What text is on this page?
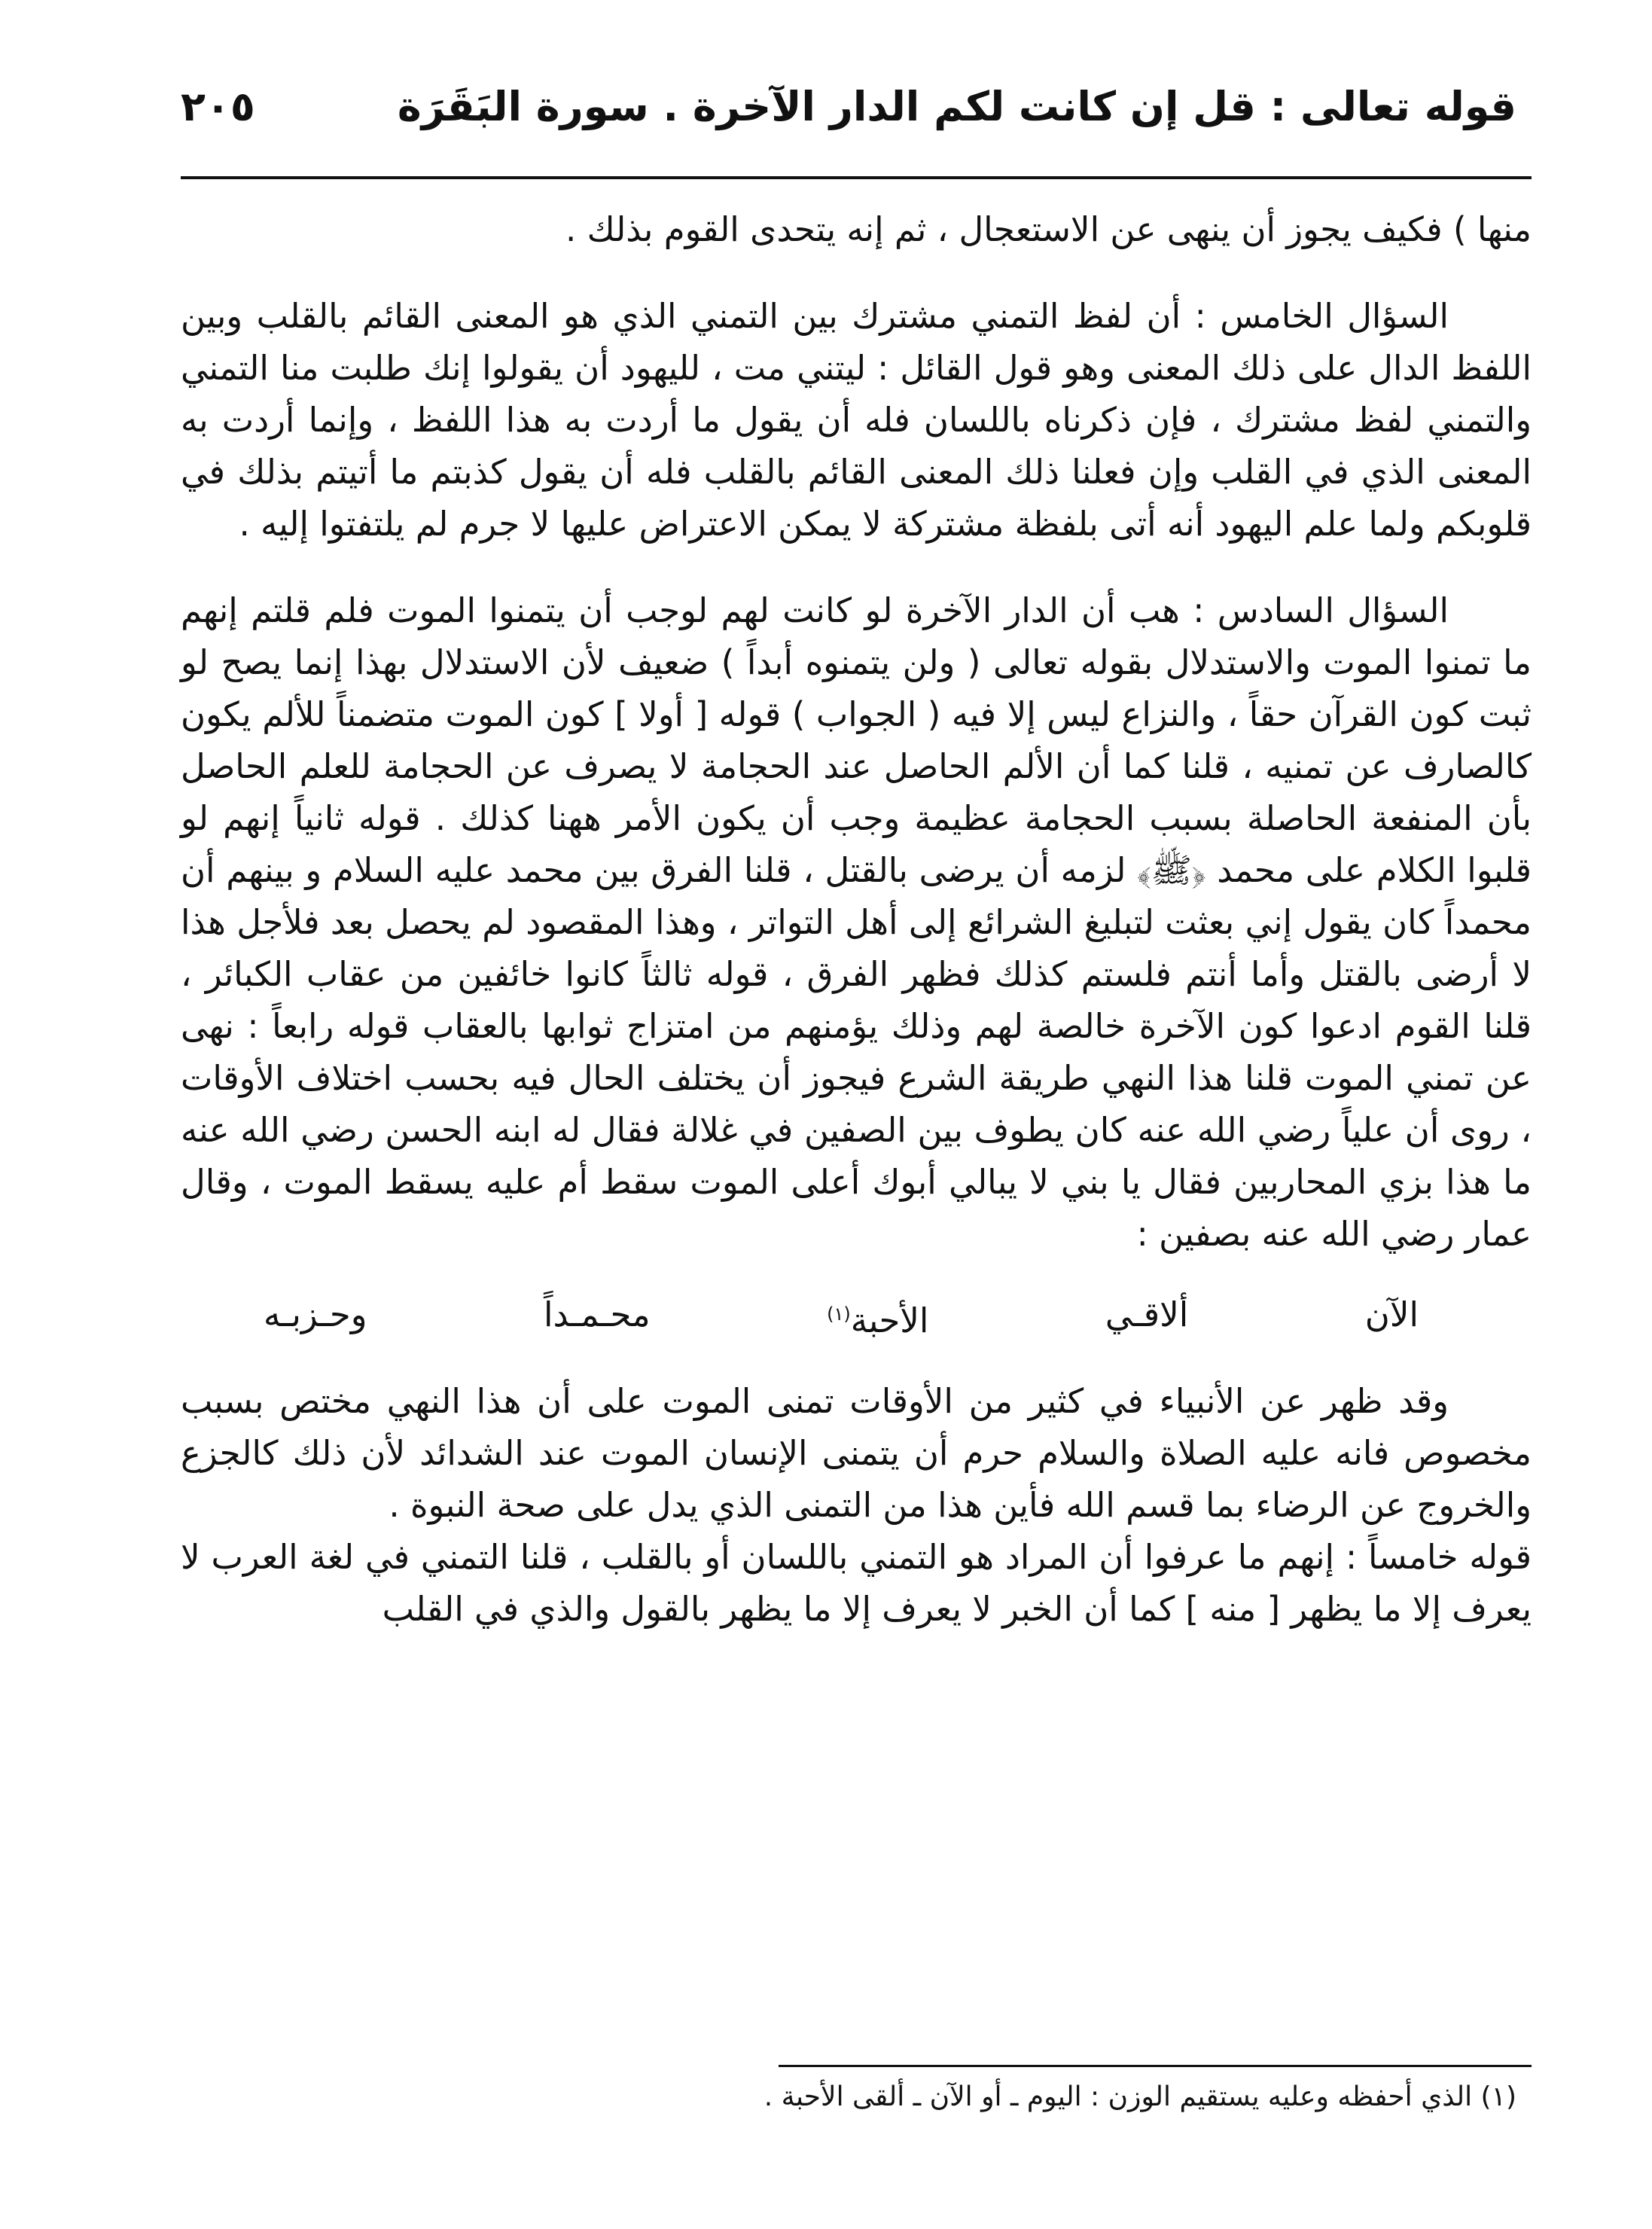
قوله تعالى : قل إن كانت لكم الدار الآخرة . سورة البَقَرَة
٢٠٥

منها ) فكيف يجوز أن ينهى عن الاستعجال ، ثم إنه يتحدى القوم بذلك .

السؤال الخامس : أن لفظ التمني مشترك بين التمني الذي هو المعنى القائم بالقلب وبين اللفظ الدال على ذلك المعنى وهو قول القائل : ليتني مت ، لليهود أن يقولوا إنك طلبت منا التمني والتمني لفظ مشترك ، فإن ذكرناه باللسان فله أن يقول ما أردت به هذا اللفظ ، وإنما أردت به المعنى الذي في القلب وإن فعلنا ذلك المعنى القائم بالقلب فله أن يقول كذبتم ما أتيتم بذلك في قلوبكم ولما علم اليهود أنه أتى بلفظة مشتركة لا يمكن الاعتراض عليها لا جرم لم يلتفتوا إليه .

السؤال السادس : هب أن الدار الآخرة لو كانت لهم لوجب أن يتمنوا الموت فلم قلتم إنهم ما تمنوا الموت والاستدلال بقوله تعالى ( ولن يتمنوه أبداً ) ضعيف لأن الاستدلال بهذا إنما يصح لو ثبت كون القرآن حقاً ، والنزاع ليس إلا فيه ( الجواب ) قوله [ أولا ] كون الموت متضمناً للألم يكون كالصارف عن تمنيه ، قلنا كما أن الألم الحاصل عند الحجامة لا يصرف عن الحجامة للعلم الحاصل بأن المنفعة الحاصلة بسبب الحجامة عظيمة وجب أن يكون الأمر ههنا كذلك . قوله ثانياً إنهم لو قلبوا الكلام على محمد ﴿ﷺ﴾ لزمه أن يرضى بالقتل ، قلنا الفرق بين محمد عليه السلام و بينهم أن محمداً كان يقول إني بعثت لتبليغ الشرائع إلى أهل التواتر ، وهذا المقصود لم يحصل بعد فلأجل هذا لا أرضى بالقتل وأما أنتم فلستم كذلك فظهر الفرق ، قوله ثالثاً كانوا خائفين من عقاب الكبائر ، قلنا القوم ادعوا كون الآخرة خالصة لهم وذلك يؤمنهم من امتزاج ثوابها بالعقاب قوله رابعاً : نهى عن تمني الموت قلنا هذا النهي طريقة الشرع فيجوز أن يختلف الحال فيه بحسب اختلاف الأوقات ، روى أن علياً رضي الله عنه كان يطوف بين الصفين في غلالة فقال له ابنه الحسن رضي الله عنه ما هذا بزي المحاربين فقال يا بني لا يبالي أبوك أعلى الموت سقط أم عليه يسقط الموت ، وقال عمار رضي الله عنه بصفين :

الآن
ألاقـي
الأحبة(١)
محـمـداً
وحـزبـه

وقد ظهر عن الأنبياء في كثير من الأوقات تمنى الموت على أن هذا النهي مختص بسبب مخصوص فانه عليه الصلاة والسلام حرم أن يتمنى الإنسان الموت عند الشدائد لأن ذلك كالجزع والخروج عن الرضاء بما قسم الله فأين هذا من التمنى الذي يدل على صحة النبوة .

قوله خامساً : إنهم ما عرفوا أن المراد هو التمني باللسان أو بالقلب ، قلنا التمني في لغة العرب لا يعرف إلا ما يظهر [ منه ] كما أن الخبر لا يعرف إلا ما يظهر بالقول والذي في القلب

(١) الذي أحفظه وعليه يستقيم الوزن : اليوم ـ أو الآن ـ ألقى الأحبة .
